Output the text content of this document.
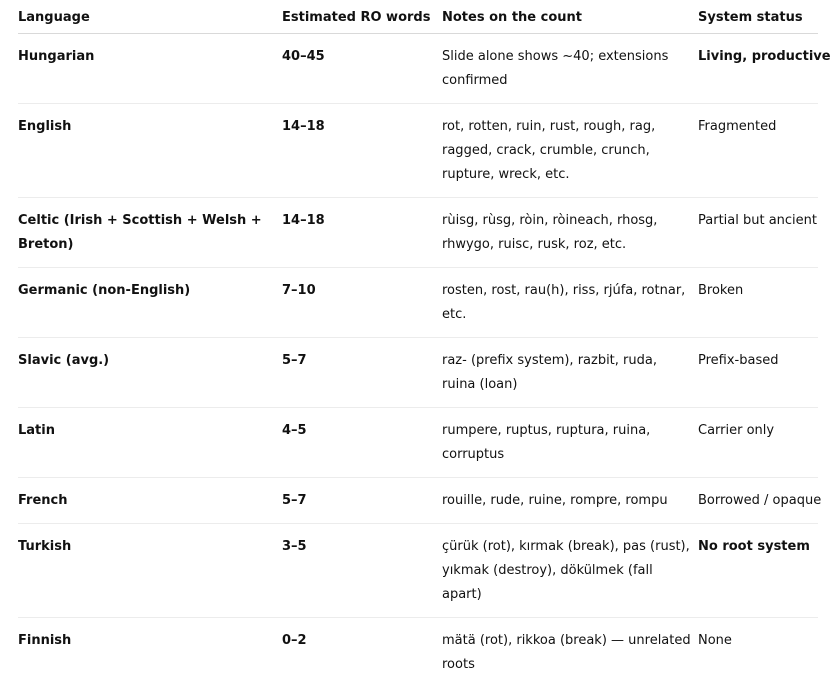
Language	Estimated RO words	Notes on the count	System status
Hungarian	40–45	Slide alone shows ~40; extensions confirmed	Living, productive
English	14–18	rot, rotten, ruin, rust, rough, rag, ragged, crack, crumble, crunch, rupture, wreck, etc.	Fragmented
Celtic (Irish + Scottish + Welsh + Breton)	14–18	rùisg, rùsg, ròin, ròineach, rhosg, rhwygo, ruisc, rusk, roz, etc.	Partial but ancient
Germanic (non-English)	7–10	rosten, rost, rau(h), riss, rjúfa, rotnar, etc.	Broken
Slavic (avg.)	5–7	raz- (prefix system), razbit, ruda, ruina (loan)	Prefix-based
Latin	4–5	rumpere, ruptus, ruptura, ruina, corruptus	Carrier only
French	5–7	rouille, rude, ruine, rompre, rompu	Borrowed / opaque
Turkish	3–5	çürük (rot), kırmak (break), pas (rust), yıkmak (destroy), dökülmek (fall apart)	No root system
Finnish	0–2	mätä (rot), rikkoa (break) — unrelated roots	None
